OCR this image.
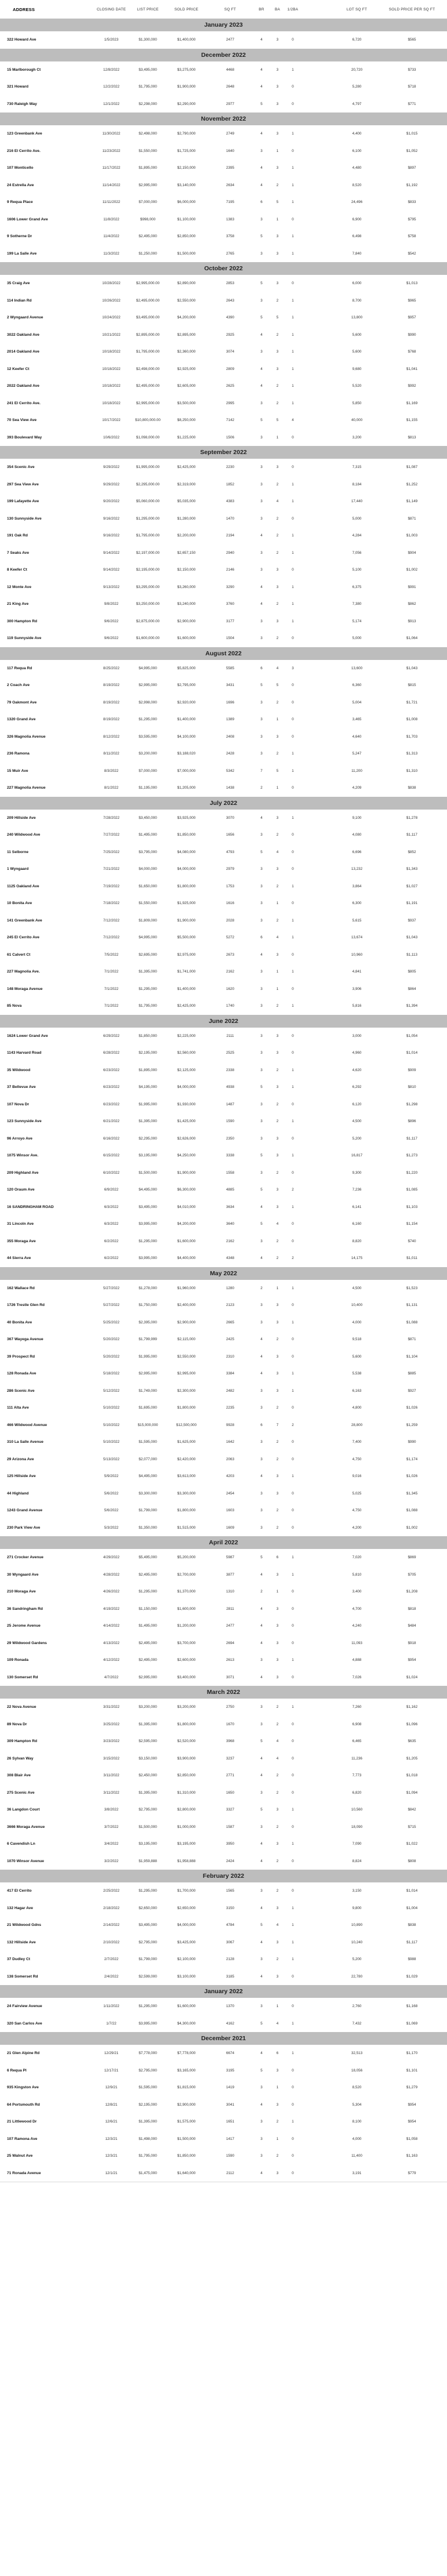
ADDRESS	CLOSING DATE	LIST PRICE	SOLD PRICE	SQ FT	BR	BA	1/2BA	LOT SQ FT	SOLD PRICE PER SQ FT
January 2023
322 Howard Ave	1/5/2023	$1,300,000	$1,400,000	2477	4	3	0	6,720	$565
December 2022
15 Marlborough Ct	12/8/2022	$3,495,000	$3,275,000	4468	4	3	1	20,720	$733
321 Howard	12/2/2022	$1,795,000	$1,900,000	2648	4	3	0	5,280	$718
730 Raleigh Way	12/1/2022	$2,298,000	$2,290,000	2977	5	3	0	4,797	$771
November 2022
123 Greenbank Ave	11/30/2022	$2,498,000	$2,790,000	2749	4	3	1	4,400	$1,015
216 El Cerrito Ave.	11/23/2022	$1,550,000	$1,725,000	1640	3	1	0	6,100	$1,052
107 Monticello	11/17/2022	$1,895,000	$2,150,000	2395	4	3	1	4,480	$897
24 Estrella Ave	11/14/2022	$2,995,000	$3,140,000	2634	4	2	1	8,520	$1,192
9 Requa Place	11/11/2022	$7,000,000	$6,000,000	7195	6	5	1	24,496	$833
1606 Lower Grand Ave	11/8/2022	$998,000	$1,100,000	1383	3	1	0	6,900	$795
9 Sotherne Dr	11/4/2022	$2,495,000	$2,850,000	3758	5	3	1	6,498	$758
199 La Salle Ave	11/3/2022	$1,250,000	$1,500,000	2765	3	3	1	7,840	$542
October 2022
35 Craig Ave	10/28/2022	$2,995,000.00	$2,890,000	2853	5	3	0	6,000	$1,013
114 Indian Rd	10/26/2022	$2,495,000.00	$2,550,000	2643	3	2	1	8,700	$965
2 Wyngaard Avenue	10/24/2022	$3,495,000.00	$4,200,000	4390	5	5	1	13,800	$957
3022 Oakland Ave	10/21/2022	$2,895,000.00	$2,895,000	2925	4	2	1	5,600	$990
2014 Oakland Ave	10/18/2022	$1,795,000.00	$2,360,000	3074	3	3	1	5,600	$768
12 Keefer Ct	10/18/2022	$2,498,000.00	$2,925,000	2809	4	3	1	9,680	$1,041
2022 Oakland Ave	10/18/2022	$2,495,000.00	$2,605,000	2625	4	2	1	5,520	$992
241 El Cerrito Ave.	10/18/2022	$2,995,000.00	$3,500,000	2995	3	2	1	5,850	$1,169
70 Sea View Ave	10/17/2022	$10,800,000.00	$8,250,000	7142	5	5	4	40,000	$1,155
393 Boulevard Way	10/6/2022	$1,098,000.00	$1,225,000	1506	3	1	0	3,200	$813
September 2022
354 Scenic Ave	9/29/2022	$1,995,000.00	$2,425,000	2230	3	3	0	7,315	$1,087
297 Sea View Ave	9/29/2022	$2,295,000.00	$2,319,000	1852	3	2	1	8,184	$1,252
199 Lafayette Ave	9/20/2022	$5,060,000.00	$5,035,000	4383	3	4	1	17,440	$1,149
130 Sunnyside Ave	9/16/2022	$1,295,000.00	$1,280,000	1470	3	2	0	5,000	$871
191 Oak Rd	9/16/2022	$1,795,000.00	$2,200,000	2194	4	2	1	4,284	$1,003
7 Seaks Ave	9/14/2022	$2,197,000.00	$2,657,150	2940	3	2	1	7,056	$904
8 Keefer Ct	9/14/2022	$2,195,000.00	$2,150,000	2146	3	3	0	5,100	$1,002
12 Monte Ave	9/13/2022	$3,295,000.00	$3,260,000	3290	4	3	1	6,375	$991
21 King Ave	9/8/2022	$3,250,000.00	$3,240,000	3760	4	2	1	7,380	$862
300 Hampton Rd	9/6/2022	$2,875,000.00	$2,900,000	3177	3	3	1	5,174	$913
119 Sunnyside Ave	9/6/2022	$1,600,000.00	$1,600,000	1504	3	2	0	5,000	$1,064
August 2022
117 Requa Rd	8/25/2022	$4,995,000	$5,825,000	5585	6	4	3	13,600	$1,043
2 Coach Ave	8/19/2022	$2,995,000	$2,795,000	3431	5	5	0	6,360	$815
79 Oakmont Ave	8/19/2022	$2,998,000	$2,920,000	1696	3	2	0	5,004	$1,721
1320 Grand Ave	8/19/2022	$1,295,000	$1,400,000	1389	3	1	0	3,465	$1,008
326 Magnolia Avenue	8/12/2022	$3,595,000	$4,100,000	2408	3	3	0	4,640	$1,703
236 Ramona	8/11/2022	$3,200,000	$3,188,020	2428	3	2	1	5,247	$1,313
15 Muir Ave	8/3/2022	$7,000,000	$7,000,000	5342	7	5	1	11,200	$1,310
227 Magnolia Avenue	8/1/2022	$1,195,000	$1,205,000	1438	2	1	0	4,209	$838
July 2022
209 Hillside Ave	7/28/2022	$3,450,000	$3,925,000	3070	4	3	1	9,100	$1,278
240 Wildwood Ave	7/27/2022	$1,495,000	$1,850,000	1656	3	2	0	4,080	$1,117
11 Selborne	7/25/2022	$3,795,000	$4,080,000	4793	5	4	0	6,696	$852
1 Wyngaard	7/21/2022	$4,000,000	$4,000,000	2979	3	3	0	13,232	$1,343
1125 Oakland Ave	7/19/2022	$1,650,000	$1,800,000	1753	3	2	1	3,864	$1,027
10 Bonita Ave	7/18/2022	$1,550,000	$1,925,000	1616	3	1	0	6,300	$1,191
141 Greenbank Ave	7/12/2022	$1,809,000	$1,900,000	2028	3	2	1	5,615	$937
245 El Cerrito Ave	7/12/2022	$4,995,000	$5,500,000	5272	6	4	1	13,674	$1,043
61 Calvert Ct	7/5/2022	$2,695,000	$2,975,000	2673	4	3	0	10,960	$1,113
227 Magnolia Ave.	7/1/2022	$1,395,000	$1,741,000	2162	3	1	1	4,841	$805
148 Moraga Avenue	7/1/2022	$1,295,000	$1,400,000	1620	3	1	0	3,906	$864
85 Nova	7/1/2022	$1,795,000	$2,425,000	1740	3	2	1	5,816	$1,394
June 2022
1624 Lower Grand Ave	6/29/2022	$1,850,000	$2,225,000	2111	3	3	0	3,000	$1,054
1143 Harvard Road	6/28/2022	$2,195,000	$2,560,000	2525	3	3	0	4,960	$1,014
35 Wildwood	6/23/2022	$1,895,000	$2,125,000	2338	3	2	1	4,620	$909
37 Bellevue Ave	6/23/2022	$4,195,000	$4,000,000	4938	5	3	1	6,292	$810
107 Nova Dr	6/23/2022	$1,995,000	$1,930,000	1487	3	2	0	6,120	$1,298
123 Sunnyside Ave	6/21/2022	$1,395,000	$1,425,000	1590	3	2	1	4,500	$896
96 Arroyo Ave	6/16/2022	$2,295,000	$2,626,000	2350	3	3	0	5,200	$1,117
1075 Winsor Ave.	6/15/2022	$3,195,000	$4,250,000	3338	5	3	1	16,817	$1,273
209 Highland Ave	6/10/2022	$1,500,000	$1,900,000	1558	3	2	0	9,300	$1,220
120 Oraum Ave	6/9/2022	$4,495,000	$6,300,000	4885	5	3	2	7,236	$1,085
16 SANDRINGHAM ROAD	6/3/2022	$3,495,000	$4,010,000	3634	4	3	1	6,141	$1,103
31 Lincoln Ave	6/3/2022	$3,995,000	$4,200,000	3640	5	4	0	6,160	$1,154
355 Moraga Ave	6/2/2022	$1,295,000	$1,600,000	2162	3	2	0	8,820	$740
44 Sierra Ave	6/2/2022	$3,995,000	$4,400,000	4348	4	2	2	14,175	$1,011
May 2022
162 Wallace Rd	5/27/2022	$1,278,000	$1,960,000	1280	2	1	1	4,500	$1,523
1726 Trestle Glen Rd	5/27/2022	$1,750,000	$2,400,000	2123	3	3	0	10,400	$1,131
40 Bonita Ave	5/25/2022	$2,395,000	$2,900,000	2665	3	3	1	4,000	$1,088
367 Wayega Avenue	5/20/2022	$1,799,999	$2,115,000	2425	4	2	0	9,518	$871
39 Prospect Rd	5/20/2022	$1,995,000	$2,550,000	2310	4	3	0	5,600	$1,104
128 Ronada Ave	5/18/2022	$2,995,000	$2,995,000	3384	4	3	1	5,538	$885
286 Scenic Ave	5/12/2022	$1,749,000	$2,300,000	2482	3	3	1	6,163	$927
111 Alta Ave	5/10/2022	$1,695,000	$1,800,000	2235	3	2	0	4,800	$1,026
466 Wildwood Avenue	5/10/2022	$15,000,000	$12,500,000	9928	6	7	2	28,800	$1,259
310 La Salle Avenue	5/10/2022	$1,595,000	$1,625,000	1642	3	2	0	7,400	$990
29 Arizona Ave	5/13/2022	$2,077,000	$2,420,000	2063	3	2	0	4,750	$1,174
125 Hillside Ave	5/9/2022	$4,495,000	$3,613,000	4203	4	3	1	9,016	$1,026
44 Highland	5/6/2022	$3,300,000	$3,300,000	2454	3	3	0	5,025	$1,345
1243 Grand Avenue	5/6/2022	$1,799,000	$1,800,000	1603	3	2	0	4,750	$1,088
230 Park View Ave	5/3/2022	$1,350,000	$1,515,000	1609	3	2	0	4,200	$1,002
April 2022
271 Crocker Avenue	4/29/2022	$5,495,000	$5,200,000	5987	5	6	1	7,020	$869
30 Wyngaard Ave	4/28/2022	$2,495,000	$2,700,000	3877	4	3	1	5,810	$705
210 Moraga Ave	4/26/2022	$1,295,000	$1,370,000	1310	2	1	0	3,400	$1,208
36 Sandringham Rd	4/19/2022	$1,150,000	$1,600,000	2811	4	3	0	4,700	$818
25 Jerome Avenue	4/14/2022	$1,495,000	$1,200,000	2477	4	3	0	4,240	$484
29 Wildwood Gardens	4/13/2022	$2,495,000	$3,700,000	2694	4	3	0	11,093	$918
109 Ronada	4/12/2022	$2,495,000	$2,600,000	2613	3	3	1	4,888	$954
130 Somerset Rd	4/7/2022	$2,995,000	$3,400,000	3071	4	3	0	7,026	$1,024
March 2022
22 Nova Avenue	3/31/2022	$3,200,000	$3,200,000	2750	3	2	1	7,260	$1,162
89 Nova Dr	3/25/2022	$1,395,000	$1,800,000	1670	3	2	0	6,908	$1,096
309 Hampton Rd	3/23/2022	$2,595,000	$2,520,000	3968	5	4	0	6,465	$635
26 Sylvan Way	3/15/2022	$3,150,000	$3,900,000	3237	4	4	0	11,236	$1,205
308 Blair Ave	3/11/2022	$2,450,000	$2,850,000	2771	4	2	0	7,773	$1,018
275 Scenic Ave	3/11/2022	$1,395,000	$1,310,000	1650	3	2	0	6,820	$1,094
36 Langdon Court	3/8/2022	$2,795,000	$2,800,000	3327	5	3	1	10,560	$842
3666 Moraga Avenue	3/7/2022	$1,500,000	$1,000,000	1587	3	2	0	18,090	$715
6 Cavendish Ln	3/4/2022	$3,195,000	$3,195,000	3950	4	3	1	7,090	$1,022
1070 Winsor Avenue	3/2/2022	$1,959,888	$1,958,888	2424	4	2	0	8,824	$808
February 2022
417 El Cerrito	2/25/2022	$1,295,000	$1,700,000	1565	3	2	0	3,150	$1,014
132 Hagar Ave	2/18/2022	$2,650,000	$2,650,000	3150	4	3	1	9,800	$1,004
21 Wildwood Gdns	2/14/2022	$3,495,000	$4,000,000	4784	5	4	1	10,890	$838
132 Hillside Ave	2/10/2022	$2,795,000	$3,425,000	3067	4	3	1	10,240	$1,117
37 Dudley Ct	2/7/2022	$1,799,000	$2,100,000	2128	3	2	1	5,200	$988
138 Somerset Rd	2/4/2022	$2,599,000	$3,100,000	3185	4	3	0	22,780	$1,029
January 2022
24 Fairview Avenue	1/11/2022	$1,295,000	$1,600,000	1370	3	1	0	2,760	$1,168
320 San Carlos Ave	1/7/22	$3,995,000	$4,300,000	4162	5	4	1	7,432	$1,069
December 2021
21 Glen Alpine Rd	12/29/21	$7,778,000	$7,778,000	6674	4	6	1	32,513	$1,170
6 Requa Pl	12/17/21	$2,795,000	$3,165,000	3195	5	3	0	18,056	$1,101
935 Kingston Ave	12/9/21	$1,595,000	$1,815,000	1419	3	1	0	8,520	$1,279
64 Portsmouth Rd	12/8/21	$2,195,000	$2,900,000	3041	4	3	0	5,304	$954
21 Littlewood Dr	12/6/21	$1,395,000	$1,575,000	1651	3	2	1	8,100	$954
107 Ramona Ave	12/3/21	$1,498,000	$1,500,000	1417	3	1	0	4,000	$1,058
25 Walnut Ave	12/3/21	$1,795,000	$1,850,000	1590	3	2	0	11,400	$1,163
71 Ronada Avenue	12/1/21	$1,475,000	$1,640,000	2112	4	3	0	3,191	$779
